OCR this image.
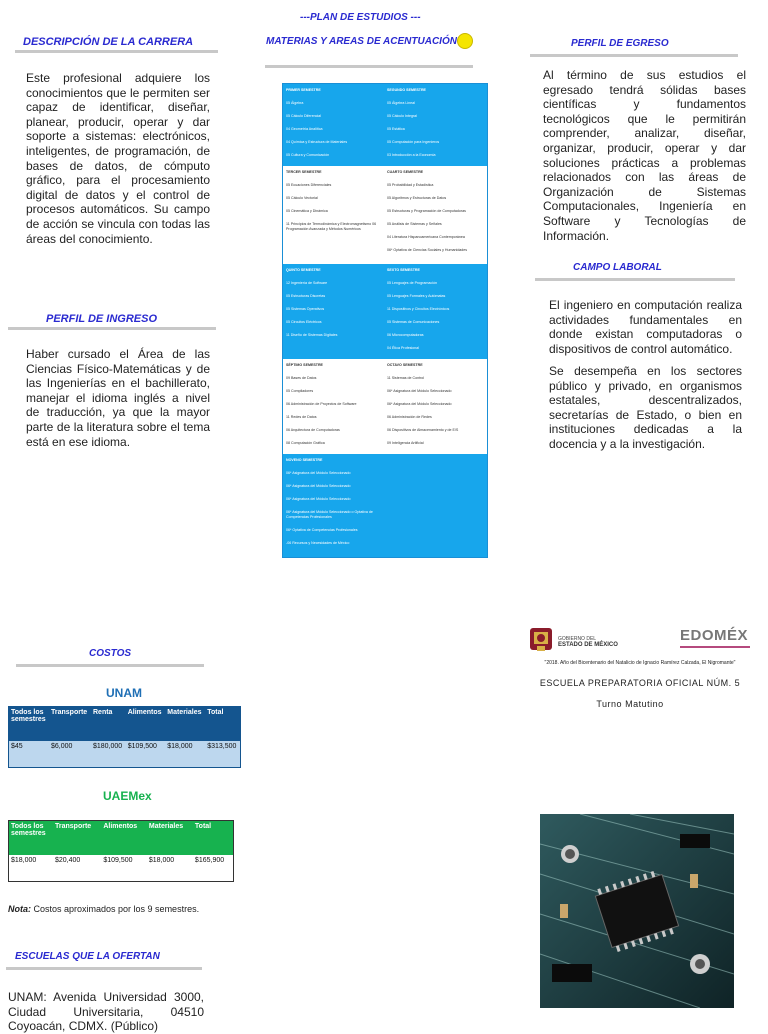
---PLAN DE ESTUDIOS ---
DESCRIPCIÓN DE LA CARRERA
Este profesional adquiere los conocimientos que le permiten ser capaz de identificar, diseñar, planear, producir, operar y dar soporte a sistemas: electrónicos, inteligentes, de programación, de bases de datos, de cómputo gráfico, para el procesamiento digital de datos y el control de procesos automáticos. Su campo de acción se vincula con todas las áreas del conocimiento.
PERFIL DE INGRESO
Haber cursado el Área de las Ciencias Físico-Matemáticas y de las Ingenierías en el bachillerato, manejar el idioma inglés a nivel de traducción, ya que la mayor parte de la literatura sobre el tema está en ese idioma.
COSTOS
UNAM
Todos los semestres	Transporte	Renta	Alimentos	Materiales	Total
$45	$6,000	$180,000	$109,500	$18,000	$313,500
UAEMex
Todos los semestres	Transporte	Alimentos	Materiales	Total
$18,000	$20,400	$109,500	$18,000	$165,900
Nota: Costos aproximados por los 9 semestres.
ESCUELAS QUE LA OFERTAN
UNAM: Avenida Universidad 3000, Ciudad Universitaria, 04510 Coyoacán, CDMX. (Público)
MATERIAS Y AREAS DE ACENTUACIÓN
PRIMER SEMESTRE
05 Álgebra
05 Cálculo Diferencial
04 Geometría Analítica
04 Química y Estructura de Materiales
05 Cultura y Comunicación
SEGUNDO SEMESTRE
05 Álgebra Lineal
05 Cálculo Integral
05 Estática
05 Computación para Ingenieros
03 Introducción a la Economía
TERCER SEMESTRE
05 Ecuaciones Diferenciales
05 Cálculo Vectorial
05 Cinemática y Dinámica
11 Principios de Termodinámica y Electromagnetismo 06 Programación Avanzada y Métodos Numéricos
CUARTO SEMESTRE
05 Probabilidad y Estadística
05 Algoritmos y Estructuras de Datos
05 Estructuras y Programación de Computadoras
05 Análisis de Sistemas y Señales
04 Literatura Hispanoamericana Contemporánea
06* Optativa de Ciencias Sociales y Humanidades
QUINTO SEMESTRE
12 Ingeniería de Software
05 Estructuras Discretas
05 Sistemas Operativos
05 Circuitos Eléctricos
11 Diseño de Sistemas Digitales
SEXTO SEMESTRE
05 Lenguajes de Programación
05 Lenguajes Formales y Autómatas
11 Dispositivos y Circuitos Electrónicos
05 Sistemas de Comunicaciones
06 Microcomputadoras
04 Ética Profesional
SÉPTIMO SEMESTRE
09 Bases de Datos
05 Compiladores
06 Administración de Proyectos de Software
11 Redes de Datos
06 Arquitectura de Computadoras
08 Computación Gráfica
OCTAVO SEMESTRE
11 Sistemas de Control
06* Asignatura del Módulo Seleccionado
06* Asignatura del Módulo Seleccionado
06 Administración de Redes
06 Dispositivos de Almacenamiento y de E/S
09 Inteligencia Artificial
NOVENO SEMESTRE
06* Asignatura del Módulo Seleccionado
06* Asignatura del Módulo Seleccionado
06* Asignatura del Módulo Seleccionado
06* Asignatura del Módulo Seleccionado o Optativa de Competencias Profesionales
06* Optativa de Competencias Profesionales
-06 Recursos y Necesidades de México
PERFIL DE EGRESO
Al término de sus estudios el egresado tendrá sólidas bases científicas y fundamentos tecnológicos que le permitirán comprender, analizar, diseñar, organizar, producir, operar y dar soluciones prácticas a problemas relacionados con las áreas de Organización de Sistemas Computacionales, Ingeniería en Software y Tecnologías de Información.
CAMPO LABORAL
El ingeniero en computación realiza actividades fundamentales en donde existan computadoras o dispositivos de control automático.
Se desempeña en los sectores público y privado, en organismos estatales, descentralizados, secretarías de Estado, o bien en instituciones dedicadas a la docencia y a la investigación.
GOBIERNO DEL
ESTADO DE MÉXICO
EDOMÉX
"2018. Año del Bicentenario del Natalicio de Ignacio Ramírez Calzada, El Nigromante"
ESCUELA PREPARATORIA OFICIAL NÚM. 5
Turno Matutino
